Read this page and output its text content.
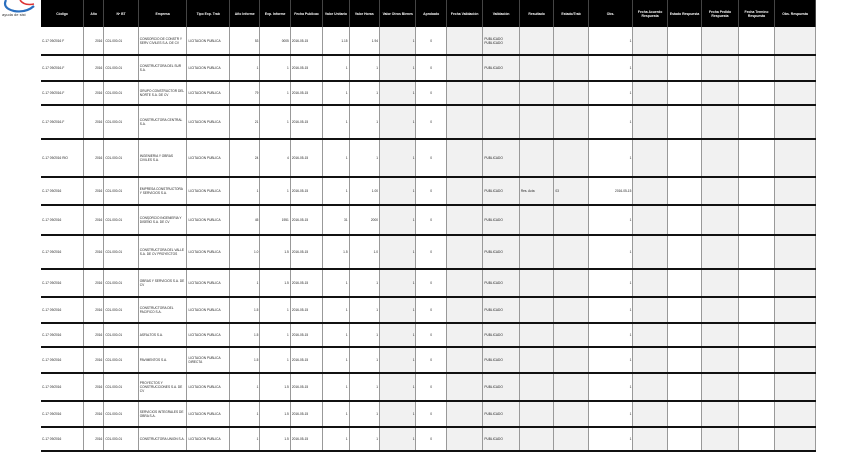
ayuda de sist	Código	Año	Nº BT	Empresa	Tipo Exp. Trab	Año Informe	Exp. Informe	Fecha Publicac	Valor Unitario	Valor Horas	Valor Otros Bienes	Aprobado	Fecha Validación	Validación	Resultado	Estado/Trab	Obs.	Fecha Acuerdo Respuesta	Estado Respuesta	Fecha Pedido Respuesta	Fecha Termino Respuesta	Obs. Respuesta
C-17 09/2016 F	2016	C01-000-01	CONSORCIO DE CONSTR Y SERV CIVILES S.A. DE CV	LICITACION PUBLICA	53	0005	2016-05-15	1.15	1.94	1	0		PUBLICADO PUBLICADO			1					
C-17 09/2016-F	2016	C01-000-01	CONSTRUCTORA DEL SUR S.A.	LICITACION PUBLICA	1	1	2016-05-15	1	1	1	0		PUBLICADO			1					
C-17 09/2016-F	2016	C01-000-01	GRUPO CONSTRUCTOR DEL NORTE S.A. DE CV	LICITACION PUBLICA	79	1	2016-05-15	1	1	1	0					1					
C-17 09/2016-F	2016	C01-000-01	CONSTRUCTORA CENTRAL S.A.	LICITACION PUBLICA	21	1	2016-05-15	1	1	1	0					1					
C-17 09/2016 RIO	2016	C01-000-01	INGENIERIA Y OBRAS CIVILES S.A.	LICITACION PUBLICA	24	4	2016-05-15	1	1	1	0		PUBLICADO			1					
C-17 09/2016	2016	C01-000-01	EMPRESA CONSTRUCTORA Y SERVICIOS S.A.	LICITACION PUBLICA	1	1	2016-05-15	1	1.00	1	0		PUBLICADO	Res. Acta	03	2016-05-15					
C-17 09/2016	2016	C01-000-01	CONSORCIO INGENIERIA Y DISEÑO S.A. DE CV	LICITACION PUBLICA	45	1951	2016-05-15	31	2000	1	0		PUBLICADO			1					
C-17 09/2016	2016	C01-000-01	CONSTRUCTORA DEL VALLE S.A. DE CV PROYECTOS	LICITACION PUBLICA	1.0	1.5	2016-05-15	1.5	1.0	1	0		PUBLICADO			1					
C-17 09/2016	2016	C01-000-01	OBRAS Y SERVICIOS S.A. DE CV	LICITACION PUBLICA	1	1.5	2016-05-15	1	1	1	0		PUBLICADO			1					
C-17 09/2016	2016	C01-000-01	CONSTRUCTORA DEL PACIFICO S.A.	LICITACION PUBLICA	1.5	1	2016-05-15	1	1	1	0		PUBLICADO			1					
C-17 09/2016	2016	C01-000-01	ASFALTOS S.A.	LICITACION PUBLICA	1.5	1	2016-05-15	1	1	1	0		PUBLICADO			1					
C-17 09/2016	2016	C01-000-01	PAVIMENTOS S.A.	LICITACION PUBLICA DIRECTA	1.5	1	2016-05-15	1	1	1	0		PUBLICADO			1					
C-17 09/2016	2016	C01-000-01	PROYECTOS Y CONSTRUCCIONES S.A. DE CV	LICITACION PUBLICA	1	1.5	2016-05-15	1	1	1	0		PUBLICADO			1					
C-17 09/2016	2016	C01-000-01	SERVICIOS INTEGRALES DE OBRA S.A.	LICITACION PUBLICA	1	1.5	2016-05-15	1	1	1	0		PUBLICADO			1					
C-17 09/2016	2016	C01-000-01	CONSTRUCTORA UNION S.A.	LICITACION PUBLICA	1	1.5	2016-05-15	1	1	1	0		PUBLICADO			1					
